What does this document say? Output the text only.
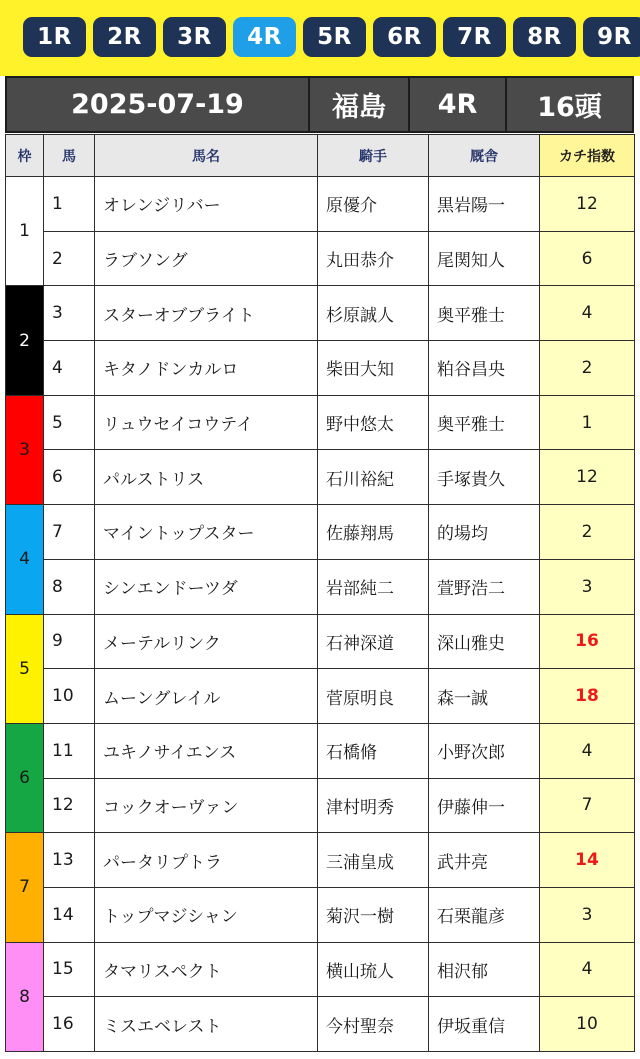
1R	2R	3R	4R	5R	6R	7R	8R	9R
2025-07-19	福島	4R	16頭
枠	馬	馬名	騎手	厩舎	カチ指数
1	1	オレンジリバー	原優介	黒岩陽一	12
	2	ラブソング	丸田恭介	尾関知人	6
2	3	スターオブブライト	杉原誠人	奥平雅士	4
	4	キタノドンカルロ	柴田大知	粕谷昌央	2
3	5	リュウセイコウテイ	野中悠太	奥平雅士	1
	6	パルストリス	石川裕紀	手塚貴久	12
4	7	マイントップスター	佐藤翔馬	的場均	2
	8	シンエンドーツダ	岩部純二	萱野浩二	3
5	9	メーテルリンク	石神深道	深山雅史	16
	10	ムーングレイル	菅原明良	森一誠	18
6	11	ユキノサイエンス	石橋脩	小野次郎	4
	12	コックオーヴァン	津村明秀	伊藤伸一	7
7	13	パータリプトラ	三浦皇成	武井亮	14
	14	トップマジシャン	菊沢一樹	石栗龍彦	3
8	15	タマリスペクト	横山琉人	相沢郁	4
	16	ミスエベレスト	今村聖奈	伊坂重信	10
